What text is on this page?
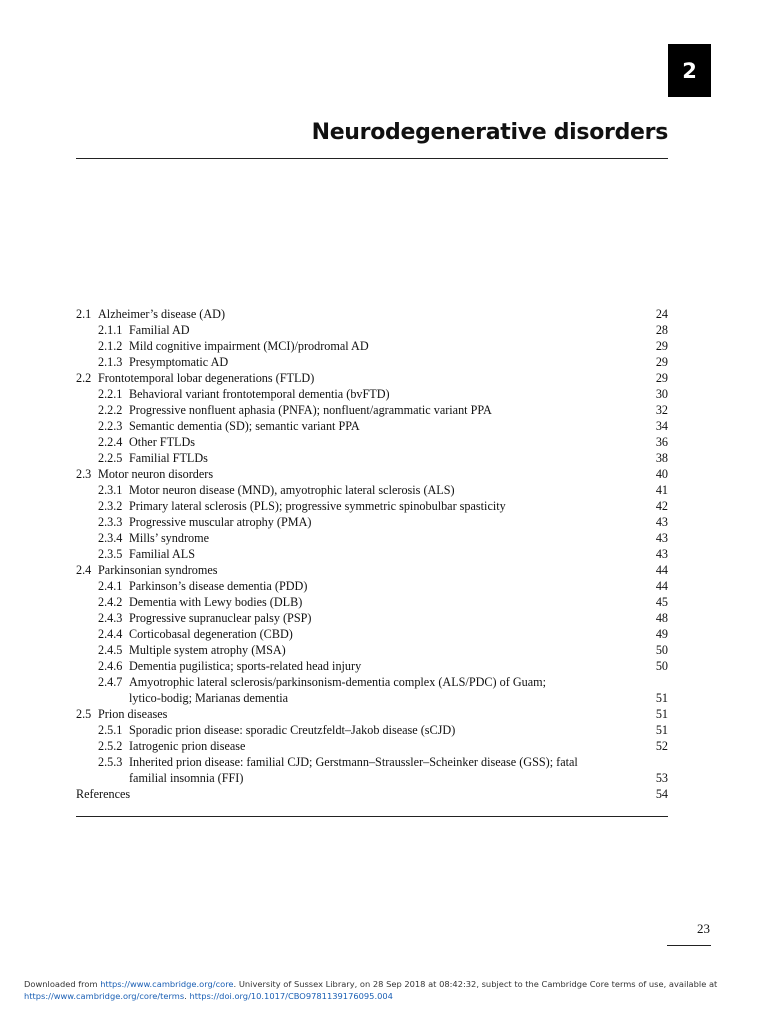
2
Neurodegenerative disorders
2.1 Alzheimer’s disease (AD)	24
2.1.1 Familial AD	28
2.1.2 Mild cognitive impairment (MCI)/prodromal AD	29
2.1.3 Presymptomatic AD	29
2.2 Frontotemporal lobar degenerations (FTLD)	29
2.2.1 Behavioral variant frontotemporal dementia (bvFTD)	30
2.2.2 Progressive nonfluent aphasia (PNFA); nonfluent/agrammatic variant PPA	32
2.2.3 Semantic dementia (SD); semantic variant PPA	34
2.2.4 Other FTLDs	36
2.2.5 Familial FTLDs	38
2.3 Motor neuron disorders	40
2.3.1 Motor neuron disease (MND), amyotrophic lateral sclerosis (ALS)	41
2.3.2 Primary lateral sclerosis (PLS); progressive symmetric spinobulbar spasticity	42
2.3.3 Progressive muscular atrophy (PMA)	43
2.3.4 Mills’ syndrome	43
2.3.5 Familial ALS	43
2.4 Parkinsonian syndromes	44
2.4.1 Parkinson’s disease dementia (PDD)	44
2.4.2 Dementia with Lewy bodies (DLB)	45
2.4.3 Progressive supranuclear palsy (PSP)	48
2.4.4 Corticobasal degeneration (CBD)	49
2.4.5 Multiple system atrophy (MSA)	50
2.4.6 Dementia pugilistica; sports-related head injury	50
2.4.7 Amyotrophic lateral sclerosis/parkinsonism-dementia complex (ALS/PDC) of Guam;
lytico-bodig; Marianas dementia	51
2.5 Prion diseases	51
2.5.1 Sporadic prion disease: sporadic Creutzfeldt–Jakob disease (sCJD)	51
2.5.2 Iatrogenic prion disease	52
2.5.3 Inherited prion disease: familial CJD; Gerstmann–Straussler–Scheinker disease (GSS); fatal
familial insomnia (FFI)	53
References	54
23
Downloaded from https://www.cambridge.org/core. University of Sussex Library, on 28 Sep 2018 at 08:42:32, subject to the Cambridge Core terms of use, available at
https://www.cambridge.org/core/terms. https://doi.org/10.1017/CBO9781139176095.004
